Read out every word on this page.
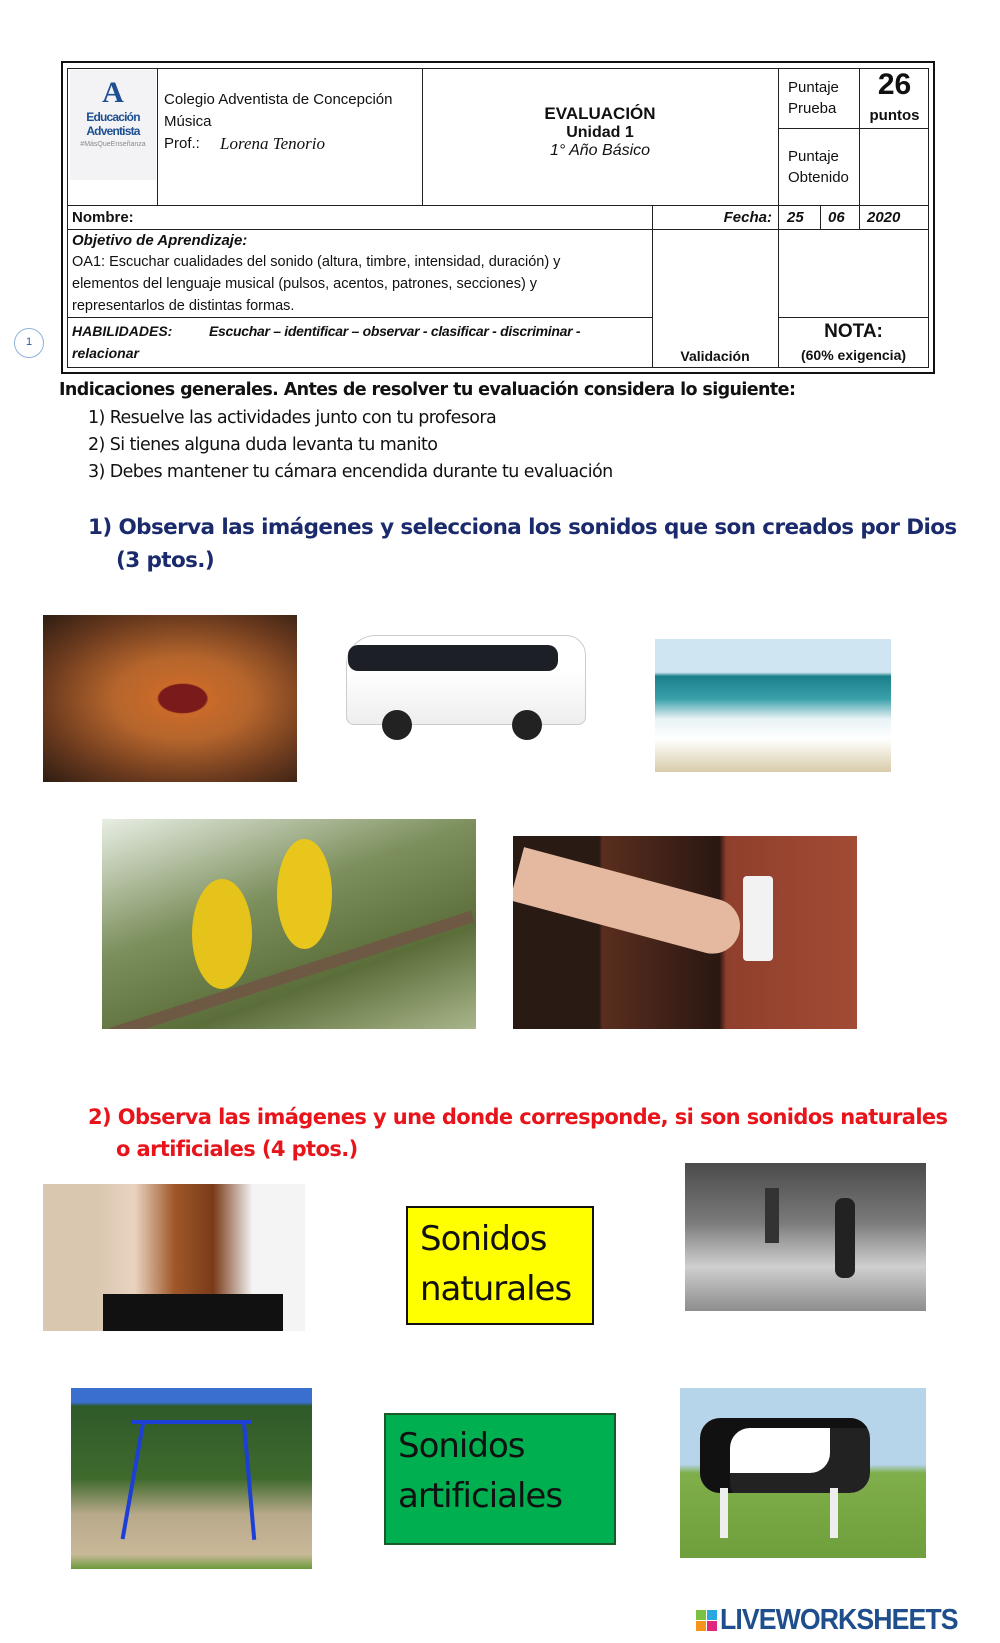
A
Educación
Adventista
#MásQueEnseñanza
Colegio Adventista de Concepción
Música
Prof.: Lorena Tenorio
EVALUACIÓN
Unidad 1
1° Año Básico
Puntaje Prueba
26
puntos
Puntaje Obtenido
Nombre:	Fecha: 25 06 2020
Objetivo de Aprendizaje:
OA1: Escuchar cualidades del sonido (altura, timbre, intensidad, duración) y
elementos del lenguaje musical (pulsos, acentos, patrones, secciones) y
representarlos de distintas formas.
HABILIDADES:	Escuchar – identificar – observar - clasificar - discriminar -
relacionar	Validación
NOTA:
(60% exigencia)
1
Indicaciones generales. Antes de resolver tu evaluación considera lo siguiente:
1) Resuelve las actividades junto con tu profesora
2) Si tienes alguna duda levanta tu manito
3) Debes mantener tu cámara encendida durante tu evaluación
1) Observa las imágenes y selecciona los sonidos que son creados por Dios
(3 ptos.)
2) Observa las imágenes y une donde corresponde, si son sonidos naturales
o artificiales (4 ptos.)
Sonidos
naturales
Sonidos
artificiales
LIVEWORKSHEETS
